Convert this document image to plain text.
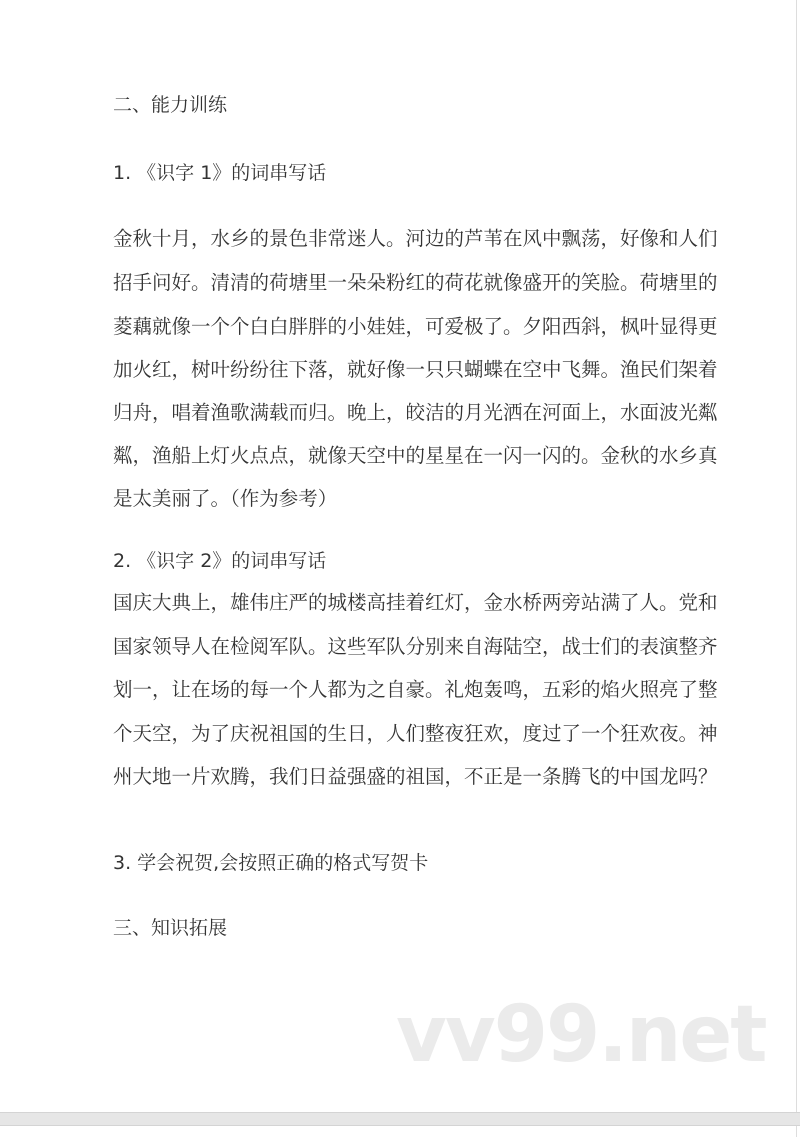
二、能力训练
1. 《识字 1》的词串写话
金秋十月，水乡的景色非常迷人。河边的芦苇在风中飘荡，好像和人们
招手问好。清清的荷塘里一朵朵粉红的荷花就像盛开的笑脸。荷塘里的
菱藕就像一个个白白胖胖的小娃娃，可爱极了。夕阳西斜，枫叶显得更
加火红，树叶纷纷往下落，就好像一只只蝴蝶在空中飞舞。渔民们架着
归舟，唱着渔歌满载而归。晚上，皎洁的月光洒在河面上，水面波光粼
粼，渔船上灯火点点，就像天空中的星星在一闪一闪的。金秋的水乡真
是太美丽了。（作为参考）
2. 《识字 2》的词串写话
国庆大典上，雄伟庄严的城楼高挂着红灯，金水桥两旁站满了人。党和
国家领导人在检阅军队。这些军队分别来自海陆空，战士们的表演整齐
划一，让在场的每一个人都为之自豪。礼炮轰鸣，五彩的焰火照亮了整
个天空，为了庆祝祖国的生日，人们整夜狂欢，度过了一个狂欢夜。神
州大地一片欢腾，我们日益强盛的祖国，不正是一条腾飞的中国龙吗？
3. 学会祝贺,会按照正确的格式写贺卡
三、知识拓展
vv99.net
